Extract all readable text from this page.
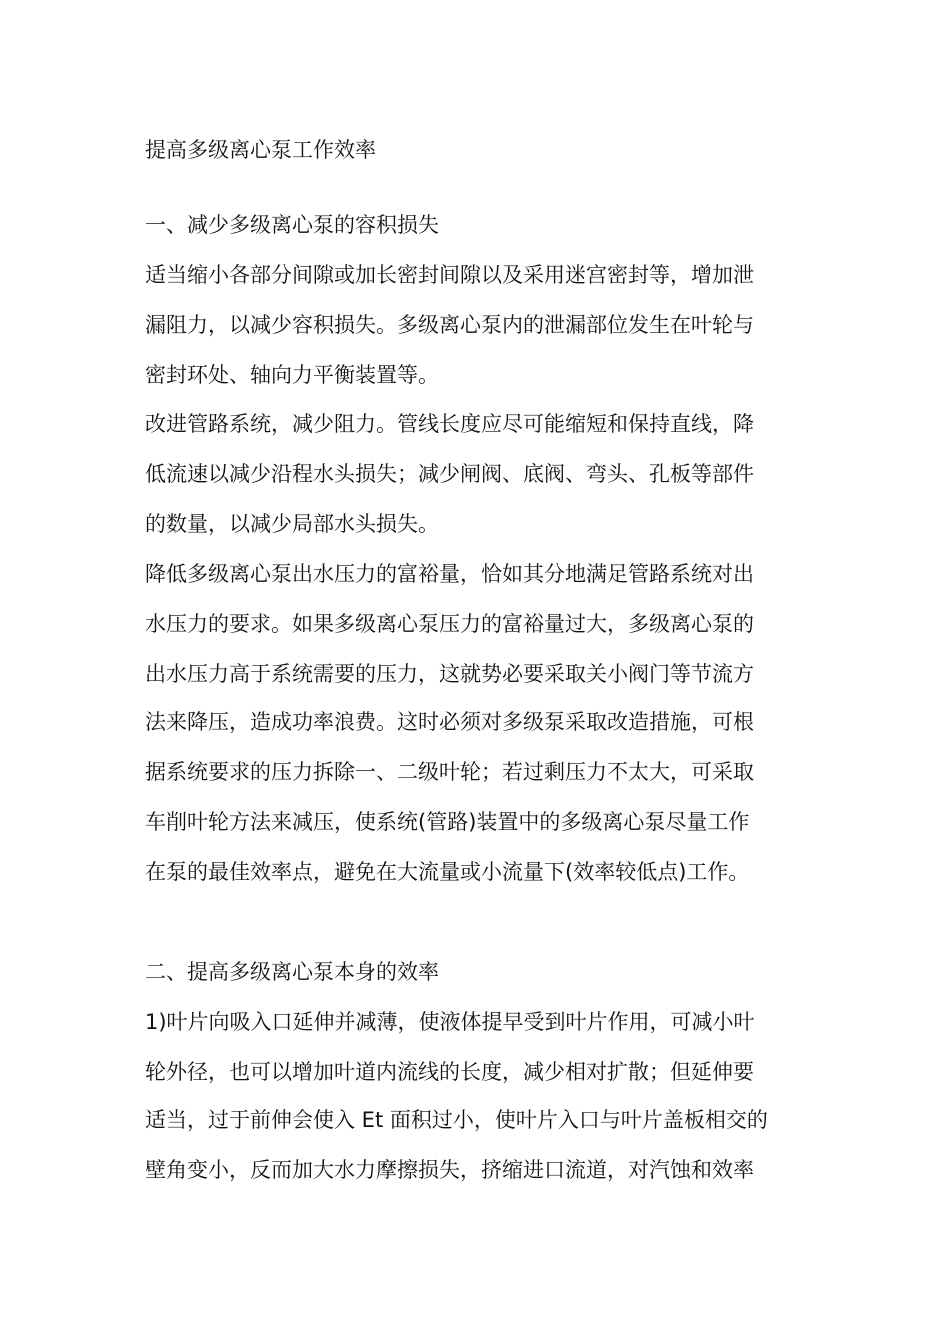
提高多级离心泵工作效率
一、减少多级离心泵的容积损失
适当缩小各部分间隙或加长密封间隙以及采用迷宫密封等，增加泄
漏阻力，以减少容积损失。多级离心泵内的泄漏部位发生在叶轮与
密封环处、轴向力平衡装置等。
改进管路系统，减少阻力。管线长度应尽可能缩短和保持直线，降
低流速以减少沿程水头损失；减少闸阀、底阀、弯头、孔板等部件
的数量，以减少局部水头损失。
降低多级离心泵出水压力的富裕量，恰如其分地满足管路系统对出
水压力的要求。如果多级离心泵压力的富裕量过大，多级离心泵的
出水压力高于系统需要的压力，这就势必要采取关小阀门等节流方
法来降压，造成功率浪费。这时必须对多级泵采取改造措施，可根
据系统要求的压力拆除一、二级叶轮；若过剩压力不太大，可采取
车削叶轮方法来减压，使系统(管路)装置中的多级离心泵尽量工作
在泵的最佳效率点，避免在大流量或小流量下(效率较低点)工作。
二、提高多级离心泵本身的效率
1)叶片向吸入口延伸并减薄，使液体提早受到叶片作用，可减小叶
轮外径，也可以增加叶道内流线的长度，减少相对扩散；但延伸要
适当，过于前伸会使入 Et 面积过小，使叶片入口与叶片盖板相交的
壁角变小，反而加大水力摩擦损失，挤缩进口流道，对汽蚀和效率
